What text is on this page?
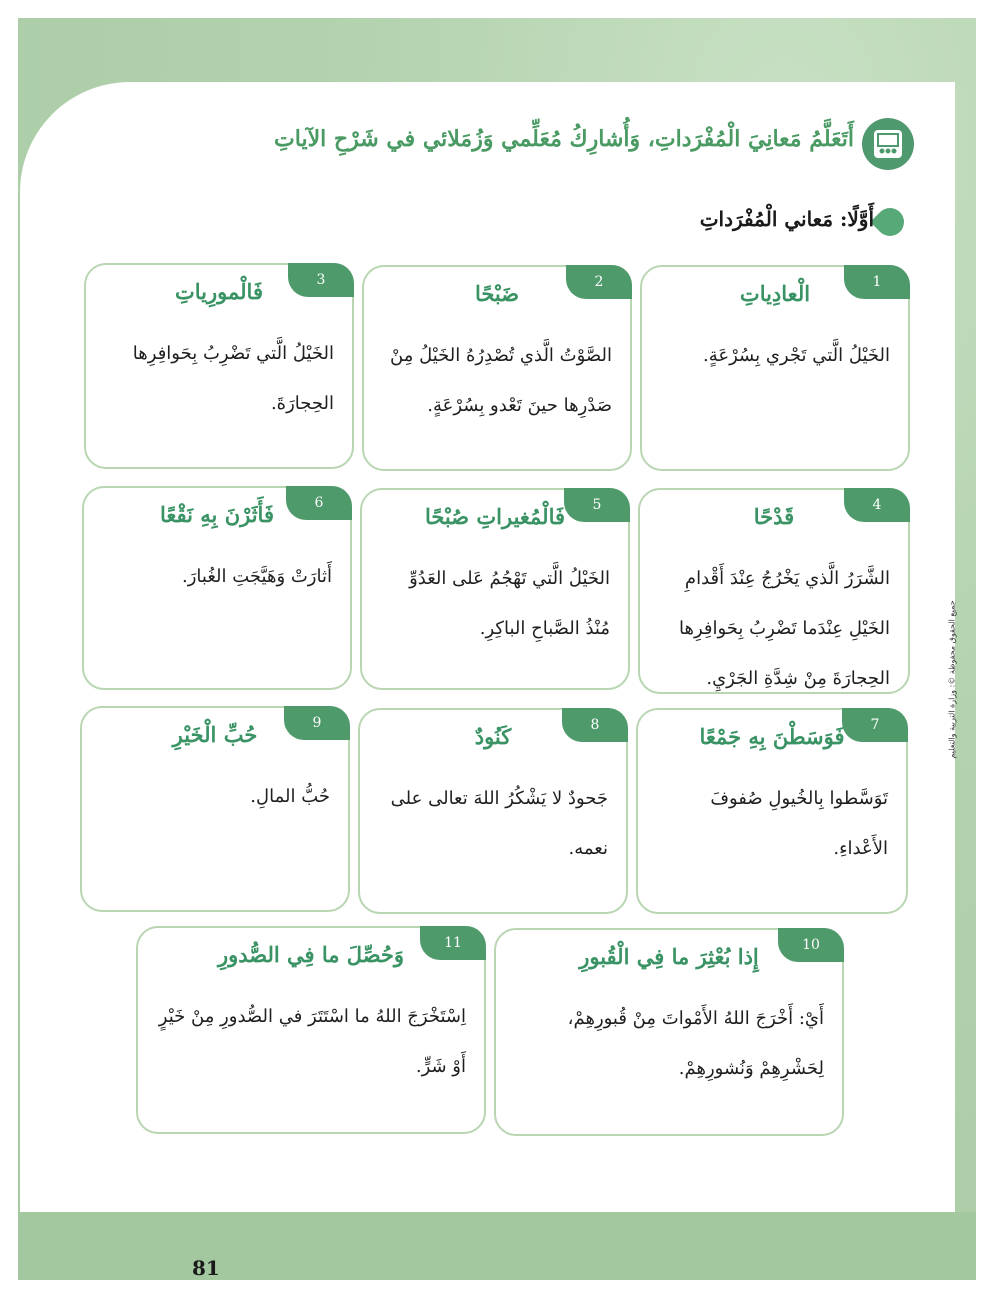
جميع الحقوق محفوظة ©: وزارة التربية والتعليم
أَتَعَلَّمُ مَعانِيَ الْمُفْرَداتِ، وَأُشارِكُ مُعَلِّمي وَزُمَلائي في شَرْحِ الآياتِ
أَوَّلًا: مَعاني الْمُفْرَداتِ
1
الْعادِياتِ
الخَيْلُ الَّتي تَجْري بِسُرْعَةٍ.
2
ضَبْحًا
الصَّوْتُ الَّذي تُصْدِرُهُ الخَيْلُ مِنْ صَدْرِها حينَ تَعْدو بِسُرْعَةٍ.
3
فَالْمورِياتِ
الخَيْلُ الَّتي تَضْرِبُ بِحَوافِرِها الحِجارَةَ.
4
قَدْحًا
الشَّرَرُ الَّذي يَخْرُجُ عِنْدَ أَقْدامِ الخَيْلِ عِنْدَما تَضْرِبُ بِحَوافِرِها الحِجارَةَ مِنْ شِدَّةِ الجَرْيِ.
5
فَالْمُغيراتِ صُبْحًا
الخَيْلُ الَّتي تَهْجُمُ عَلى العَدُوِّ مُنْذُ الصَّباحِ الباكِرِ.
6
فَأَثَرْنَ بِهِ نَقْعًا
أَثارَتْ وَهَيَّجَتِ الغُبارَ.
7
فَوَسَطْنَ بِهِ جَمْعًا
تَوَسَّطوا بِالخُيولِ صُفوفَ الأَعْداءِ.
8
كَنُودٌ
جَحودٌ لا يَشْكُرُ اللهَ تعالى على نعمه.
9
حُبِّ الْخَيْرِ
حُبُّ المالِ.
10
إِذا بُعْثِرَ ما فِي الْقُبورِ
أَيْ: أَخْرَجَ اللهُ الأَمْواتَ مِنْ قُبورِهِمْ، لِحَشْرِهِمْ وَنُشورِهِمْ.
11
وَحُصِّلَ ما فِي الصُّدورِ
اِسْتَخْرَجَ اللهُ ما اسْتَتَرَ في الصُّدورِ مِنْ خَيْرٍ أَوْ شَرٍّ.
81
